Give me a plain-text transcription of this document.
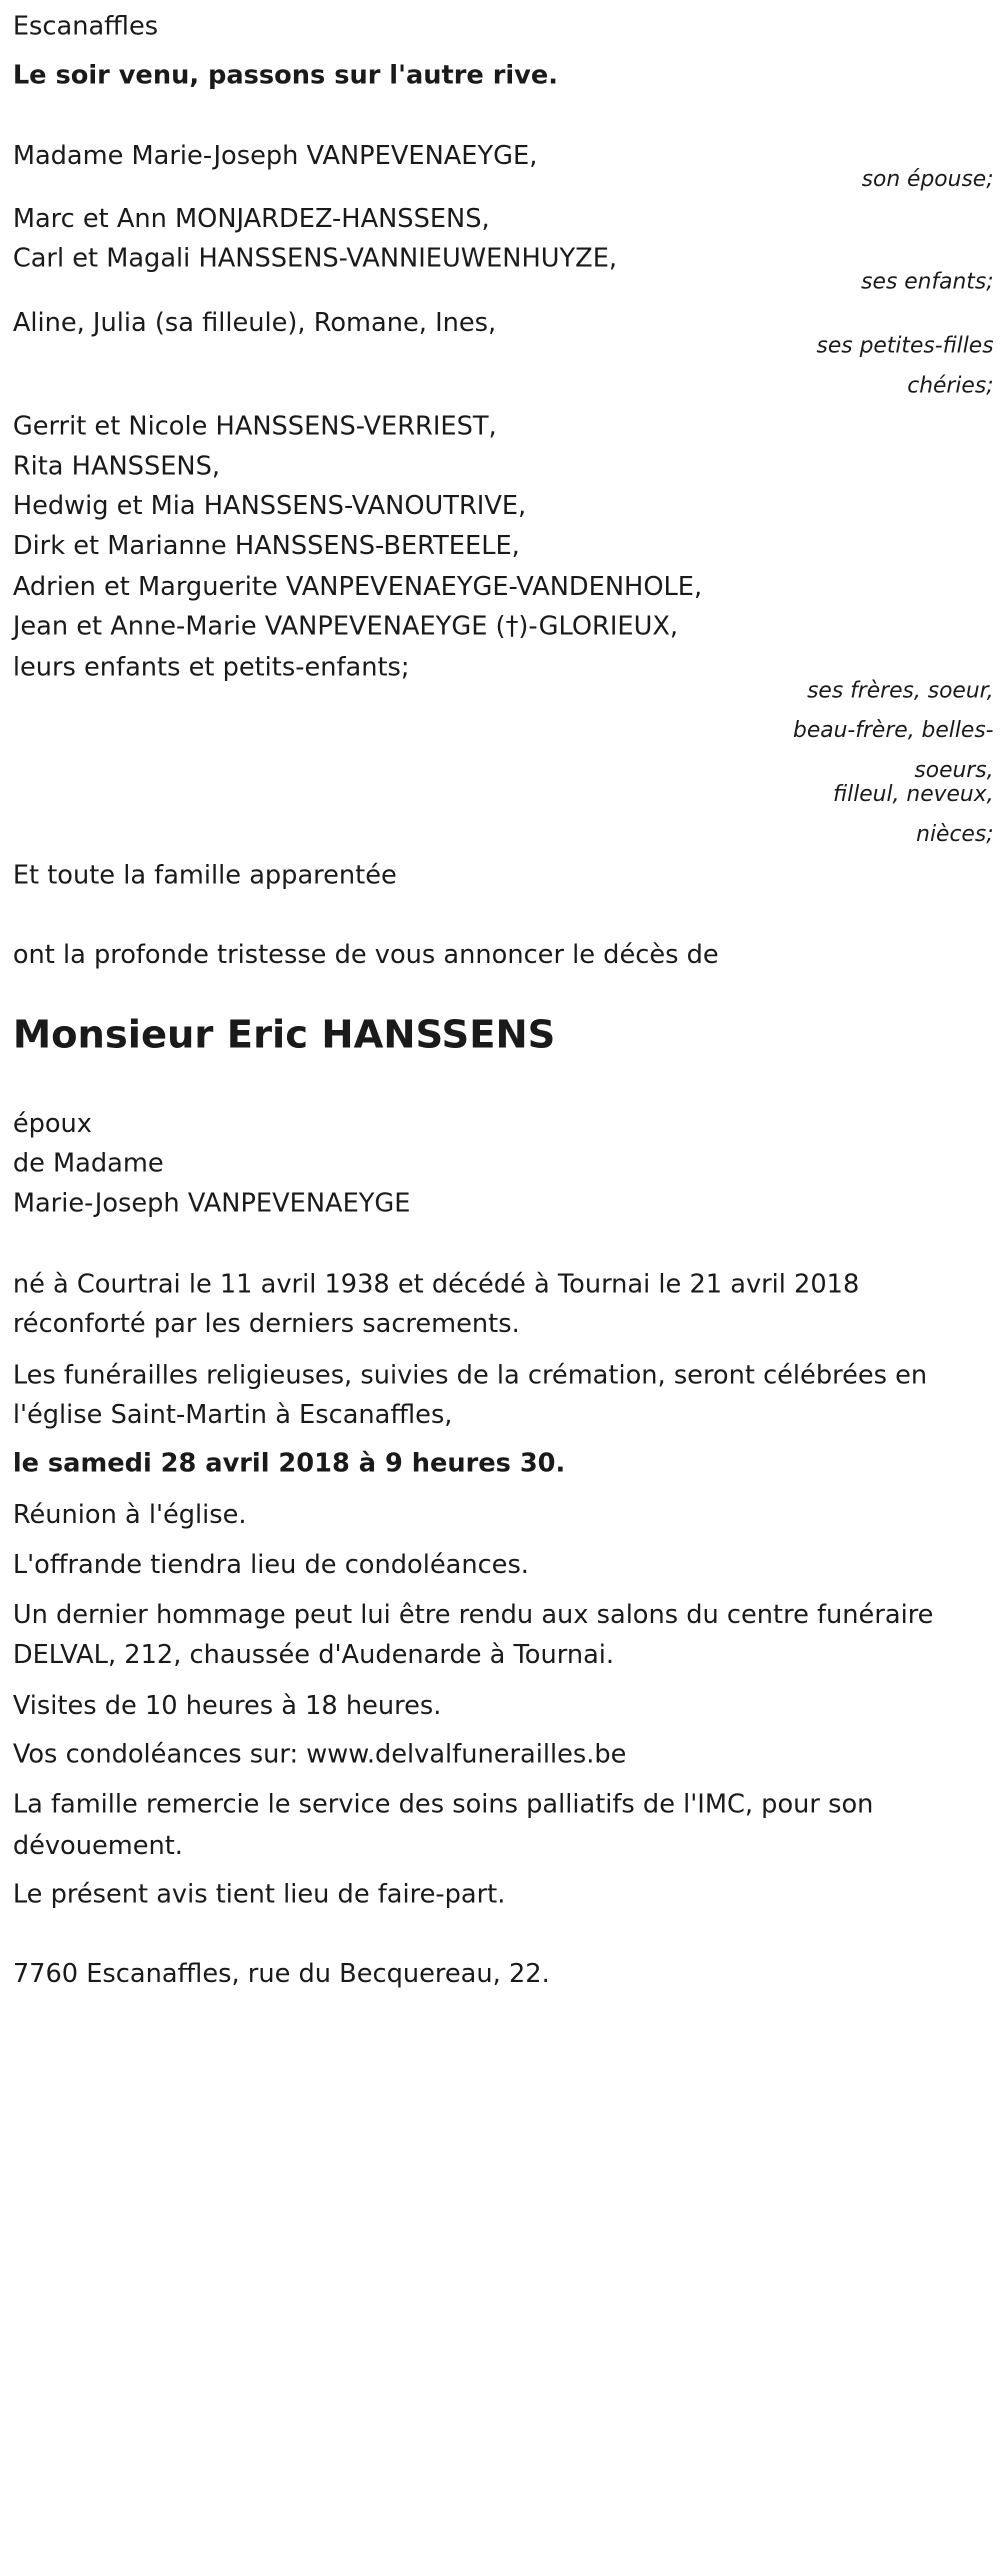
Escanaffles

Le soir venu, passons sur l'autre rive.

Madame Marie-Joseph VANPEVENAEYGE,

son épouse;

Marc et Ann MONJARDEZ-HANSSENS,

Carl et Magali HANSSENS-VANNIEUWENHUYZE,

ses enfants;

Aline, Julia (sa filleule), Romane, Ines,

ses petites-filles

chéries;

Gerrit et Nicole HANSSENS-VERRIEST,

Rita HANSSENS,

Hedwig et Mia HANSSENS-VANOUTRIVE,

Dirk et Marianne HANSSENS-BERTEELE,

Adrien et Marguerite VANPEVENAEYGE-VANDENHOLE,

Jean et Anne-Marie VANPEVENAEYGE (†)-GLORIEUX,

leurs enfants et petits-enfants;

ses frères, soeur,

beau-frère, belles-

soeurs,

filleul, neveux,

nièces;

Et toute la famille apparentée

ont la profonde tristesse de vous annoncer le décès de

Monsieur Eric HANSSENS

époux

de Madame

Marie-Joseph VANPEVENAEYGE

né à Courtrai le 11 avril 1938 et décédé à Tournai le 21 avril 2018

réconforté par les derniers sacrements.

Les funérailles religieuses, suivies de la crémation, seront célébrées en

l'église Saint-Martin à Escanaffles,

le samedi 28 avril 2018 à 9 heures 30.

Réunion à l'église.

L'offrande tiendra lieu de condoléances.

Un dernier hommage peut lui être rendu aux salons du centre funéraire

DELVAL, 212, chaussée d'Audenarde à Tournai.

Visites de 10 heures à 18 heures.

Vos condoléances sur: www.delvalfunerailles.be

La famille remercie le service des soins palliatifs de l'IMC, pour son

dévouement.

Le présent avis tient lieu de faire-part.

7760 Escanaffles, rue du Becquereau, 22.
